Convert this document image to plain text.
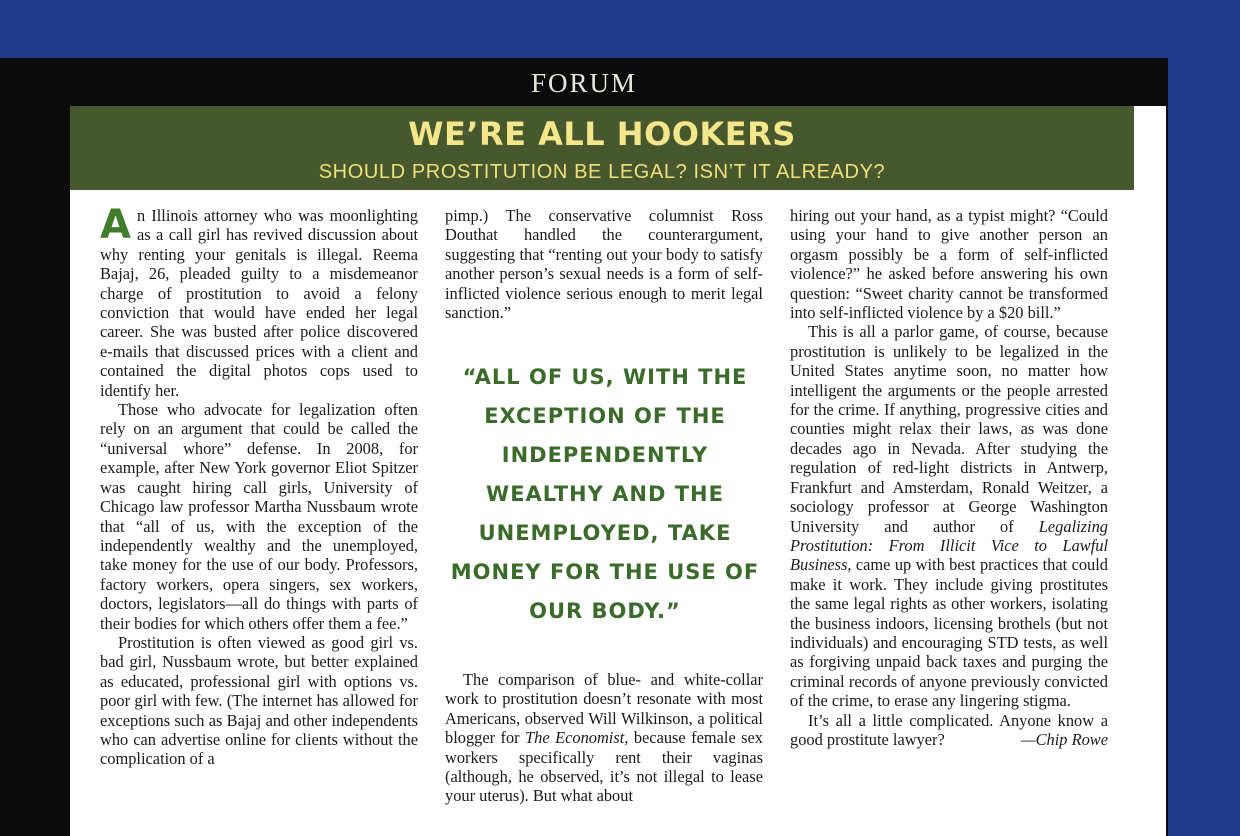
FORUM
WE’RE ALL HOOKERS
SHOULD PROSTITUTION BE LEGAL? ISN’T IT ALREADY?

An Illinois attorney who was moonlighting as a call girl has revived discussion about why renting your genitals is illegal. Reema Bajaj, 26, pleaded guilty to a misdemeanor charge of prostitution to avoid a felony conviction that would have ended her legal career. She was busted after police discovered e-mails that discussed prices with a client and contained the digital photos cops used to identify her.

Those who advocate for legalization often rely on an argument that could be called the “universal whore” defense. In 2008, for example, after New York governor Eliot Spitzer was caught hiring call girls, University of Chicago law professor Martha Nussbaum wrote that “all of us, with the exception of the independently wealthy and the unemployed, take money for the use of our body. Professors, factory workers, opera singers, sex workers, doctors, legislators—all do things with parts of their bodies for which others offer them a fee.”

Prostitution is often viewed as good girl vs. bad girl, Nussbaum wrote, but better explained as educated, professional girl with options vs. poor girl with few. (The internet has allowed for exceptions such as Bajaj and other independents who can advertise online for clients without the complication of a

pimp.) The conservative columnist Ross Douthat handled the counterargument, suggesting that “renting out your body to satisfy another person’s sexual needs is a form of self-inflicted violence serious enough to merit legal sanction.”

“ALL OF US, WITH THE EXCEPTION OF THE INDEPENDENTLY WEALTHY AND THE UNEMPLOYED, TAKE MONEY FOR THE USE OF OUR BODY.”

The comparison of blue- and white-collar work to prostitution doesn’t resonate with most Americans, observed Will Wilkinson, a political blogger for The Economist, because female sex workers specifically rent their vaginas (although, he observed, it’s not illegal to lease your uterus). But what about

hiring out your hand, as a typist might? “Could using your hand to give another person an orgasm possibly be a form of self-inflicted violence?” he asked before answering his own question: “Sweet charity cannot be transformed into self-inflicted violence by a $20 bill.”

This is all a parlor game, of course, because prostitution is unlikely to be legalized in the United States anytime soon, no matter how intelligent the arguments or the people arrested for the crime. If anything, progressive cities and counties might relax their laws, as was done decades ago in Nevada. After studying the regulation of red-light districts in Antwerp, Frankfurt and Amsterdam, Ronald Weitzer, a sociology professor at George Washington University and author of Legalizing Prostitution: From Illicit Vice to Lawful Business, came up with best practices that could make it work. They include giving prostitutes the same legal rights as other workers, isolating the business indoors, licensing brothels (but not individuals) and encouraging STD tests, as well as forgiving unpaid back taxes and purging the criminal records of anyone previously convicted of the crime, to erase any lingering stigma.

It’s all a little complicated. Anyone know a good prostitute lawyer?	—Chip Rowe
